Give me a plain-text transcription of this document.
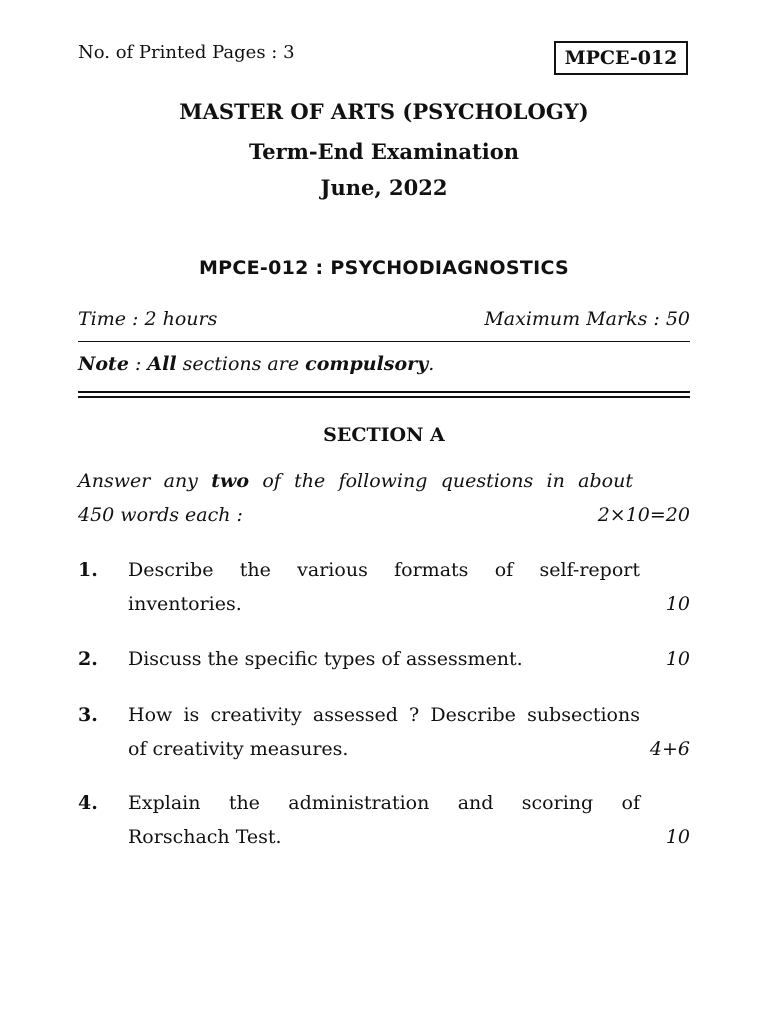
No. of Printed Pages : 3	MPCE-012
MASTER OF ARTS (PSYCHOLOGY)
Term-End Examination
June, 2022
MPCE-012 : PSYCHODIAGNOSTICS
Time : 2 hours	Maximum Marks : 50
Note : All sections are compulsory.
SECTION A
Answer any two of the following questions in about
450 words each :	2×10=20
1. Describe the various formats of self-report
inventories.	10
2. Discuss the specific types of assessment.	10
3. How is creativity assessed ? Describe subsections
of creativity measures.	4+6
4. Explain the administration and scoring of
Rorschach Test.	10
